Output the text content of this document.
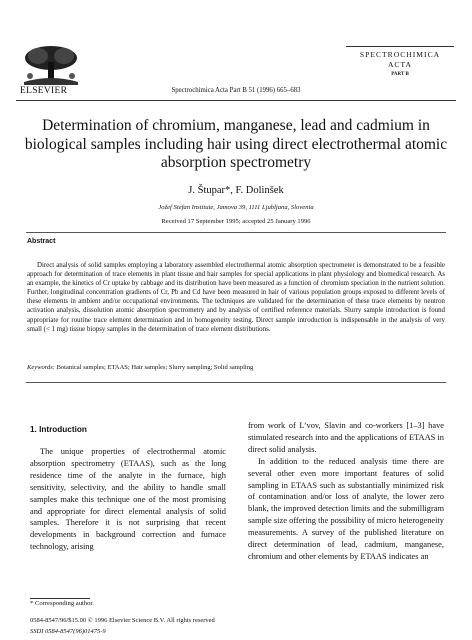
ELSEVIER	Spectrochimica Acta Part B 51 (1996) 665–683
SPECTROCHIMICA
ACTA
PART B
Determination of chromium, manganese, lead and cadmium in biological samples including hair using direct electrothermal atomic absorption spectrometry
J. Štupar*, F. Dolinšek
Jožef Stefan Institute, Jamova 39, 1111 Ljubljana, Slovenia
Received 17 September 1995; accepted 25 January 1996
Abstract
Direct analysis of solid samples employing a laboratory assembled electrothermal atomic absorption spectrometer is demonstrated to be a feasible approach for determination of trace elements in plant tissue and hair samples for special applications in plant physiology and biomedical research. As an example, the kinetics of Cr uptake by cabbage and its distribution have been measured as a function of chromium speciation in the nutrient solution. Further, longitudinal concentration gradients of Cr, Pb and Cd have been measured in hair of various population groups exposed to different levels of these elements in ambient and/or occupational environments. The techniques are validated for the determination of these trace elements by neutron activation analysis, dissolution atomic absorption spectrometry and by analysis of certified reference materials. Slurry sample introduction is found appropriate for routine trace element determination and in homogeneity testing. Direct sample introduction is indispensable in the analysis of very small (< 1 mg) tissue biopsy samples in the determination of trace element distributions.
Keywords: Botanical samples; ETAAS; Hair samples; Slurry sampling; Solid sampling
1. Introduction

The unique properties of electrothermal atomic absorption spectrometry (ETAAS), such as the long residence time of the analyte in the furnace, high sensitivity, selectivity, and the ability to handle small samples make this technique one of the most promising and appropriate for direct elemental analysis of solid samples. Therefore it is not surprising that recent developments in background correction and furnace technology, arising

from work of L’vov, Slavin and co-workers [1–3] have stimulated research into and the applications of ETAAS in direct solid analysis.

In addition to the reduced analysis time there are several other even more important features of solid sampling in ETAAS such as substantially minimized risk of contamination and/or loss of analyte, the lower zero blank, the improved detection limits and the submilligram sample size offering the possibility of micro heterogeneity measurements. A survey of the published literature on direct determination of lead, cadmium, manganese, chromium and other elements by ETAAS indicates an

* Corresponding author.
0584-8547/96/$15.00 © 1996 Elsevier Science B.V. All rights reserved
SSDI 0584-8547(96)01475-9
